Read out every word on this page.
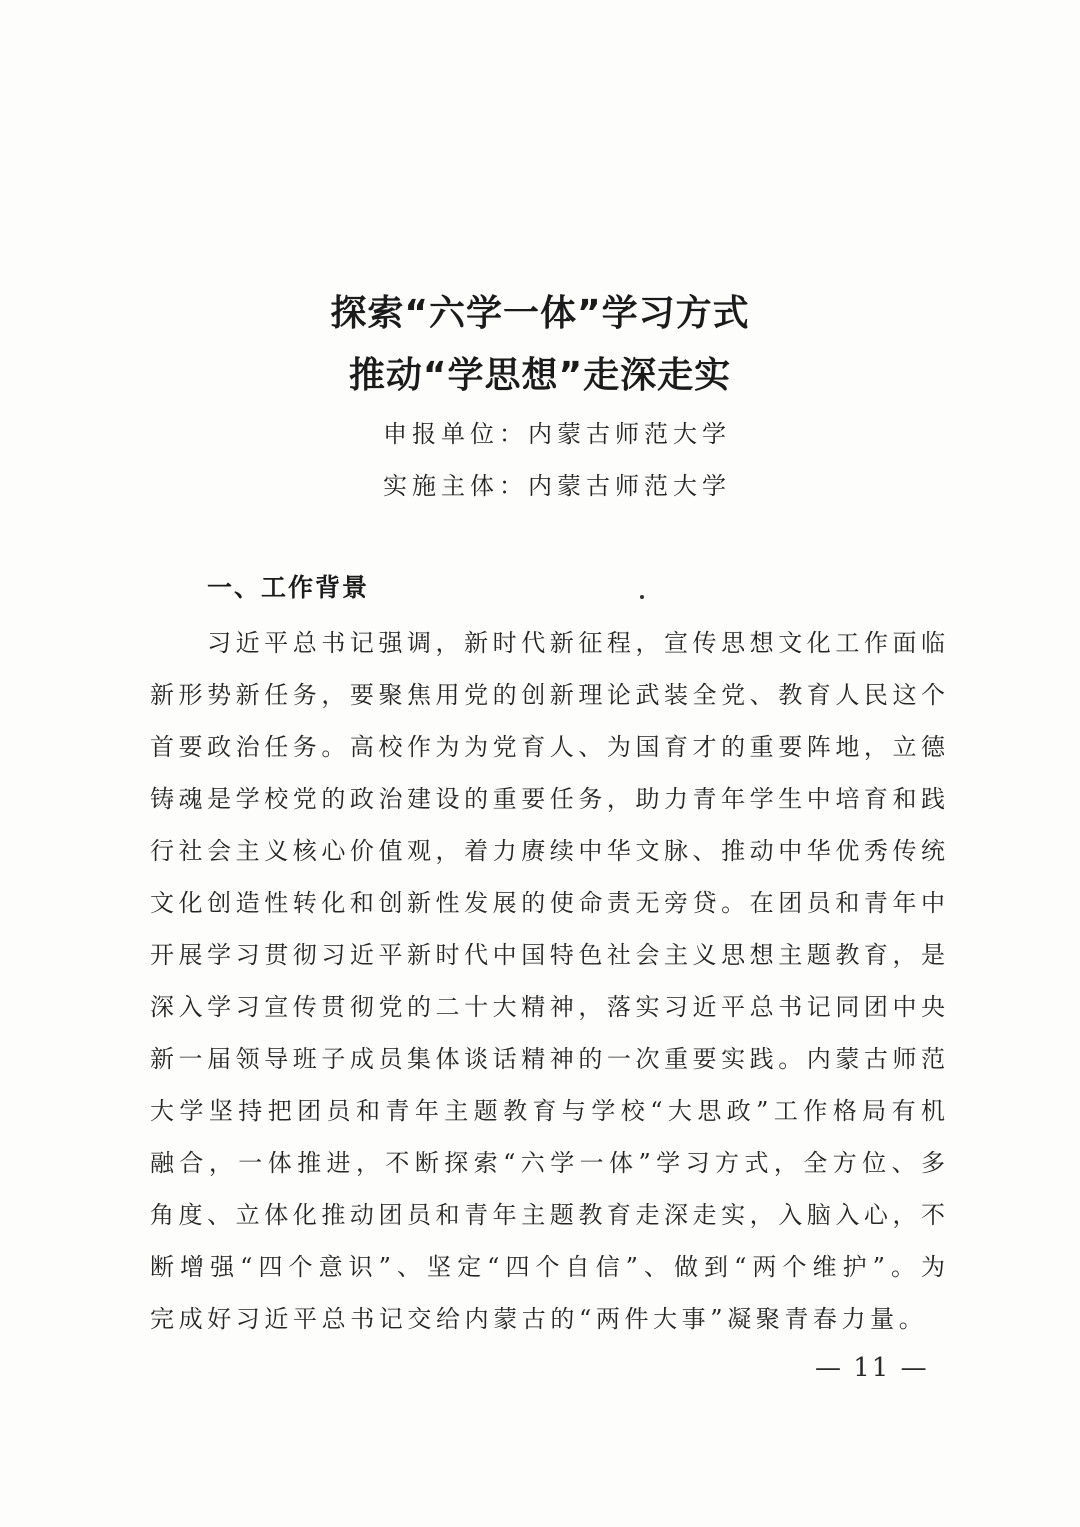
探索“六学一体”学习方式
推动“学思想”走深走实
申报单位：内蒙古师范大学
实施主体：内蒙古师范大学
一、工作背景
　　习近平总书记强调，新时代新征程，宣传思想文化工作面临
新形势新任务，要聚焦用党的创新理论武装全党、教育人民这个
首要政治任务。高校作为为党育人、为国育才的重要阵地，立德
铸魂是学校党的政治建设的重要任务，助力青年学生中培育和践
行社会主义核心价值观，着力赓续中华文脉、推动中华优秀传统
文化创造性转化和创新性发展的使命责无旁贷。在团员和青年中
开展学习贯彻习近平新时代中国特色社会主义思想主题教育，是
深入学习宣传贯彻党的二十大精神，落实习近平总书记同团中央
新一届领导班子成员集体谈话精神的一次重要实践。内蒙古师范
大学坚持把团员和青年主题教育与学校“大思政”工作格局有机
融合，一体推进，不断探索“六学一体”学习方式，全方位、多
角度、立体化推动团员和青年主题教育走深走实，入脑入心，不
断增强“四个意识”、坚定“四个自信”、做到“两个维护”。为
完成好习近平总书记交给内蒙古的“两件大事”凝聚青春力量。
— 11 —
